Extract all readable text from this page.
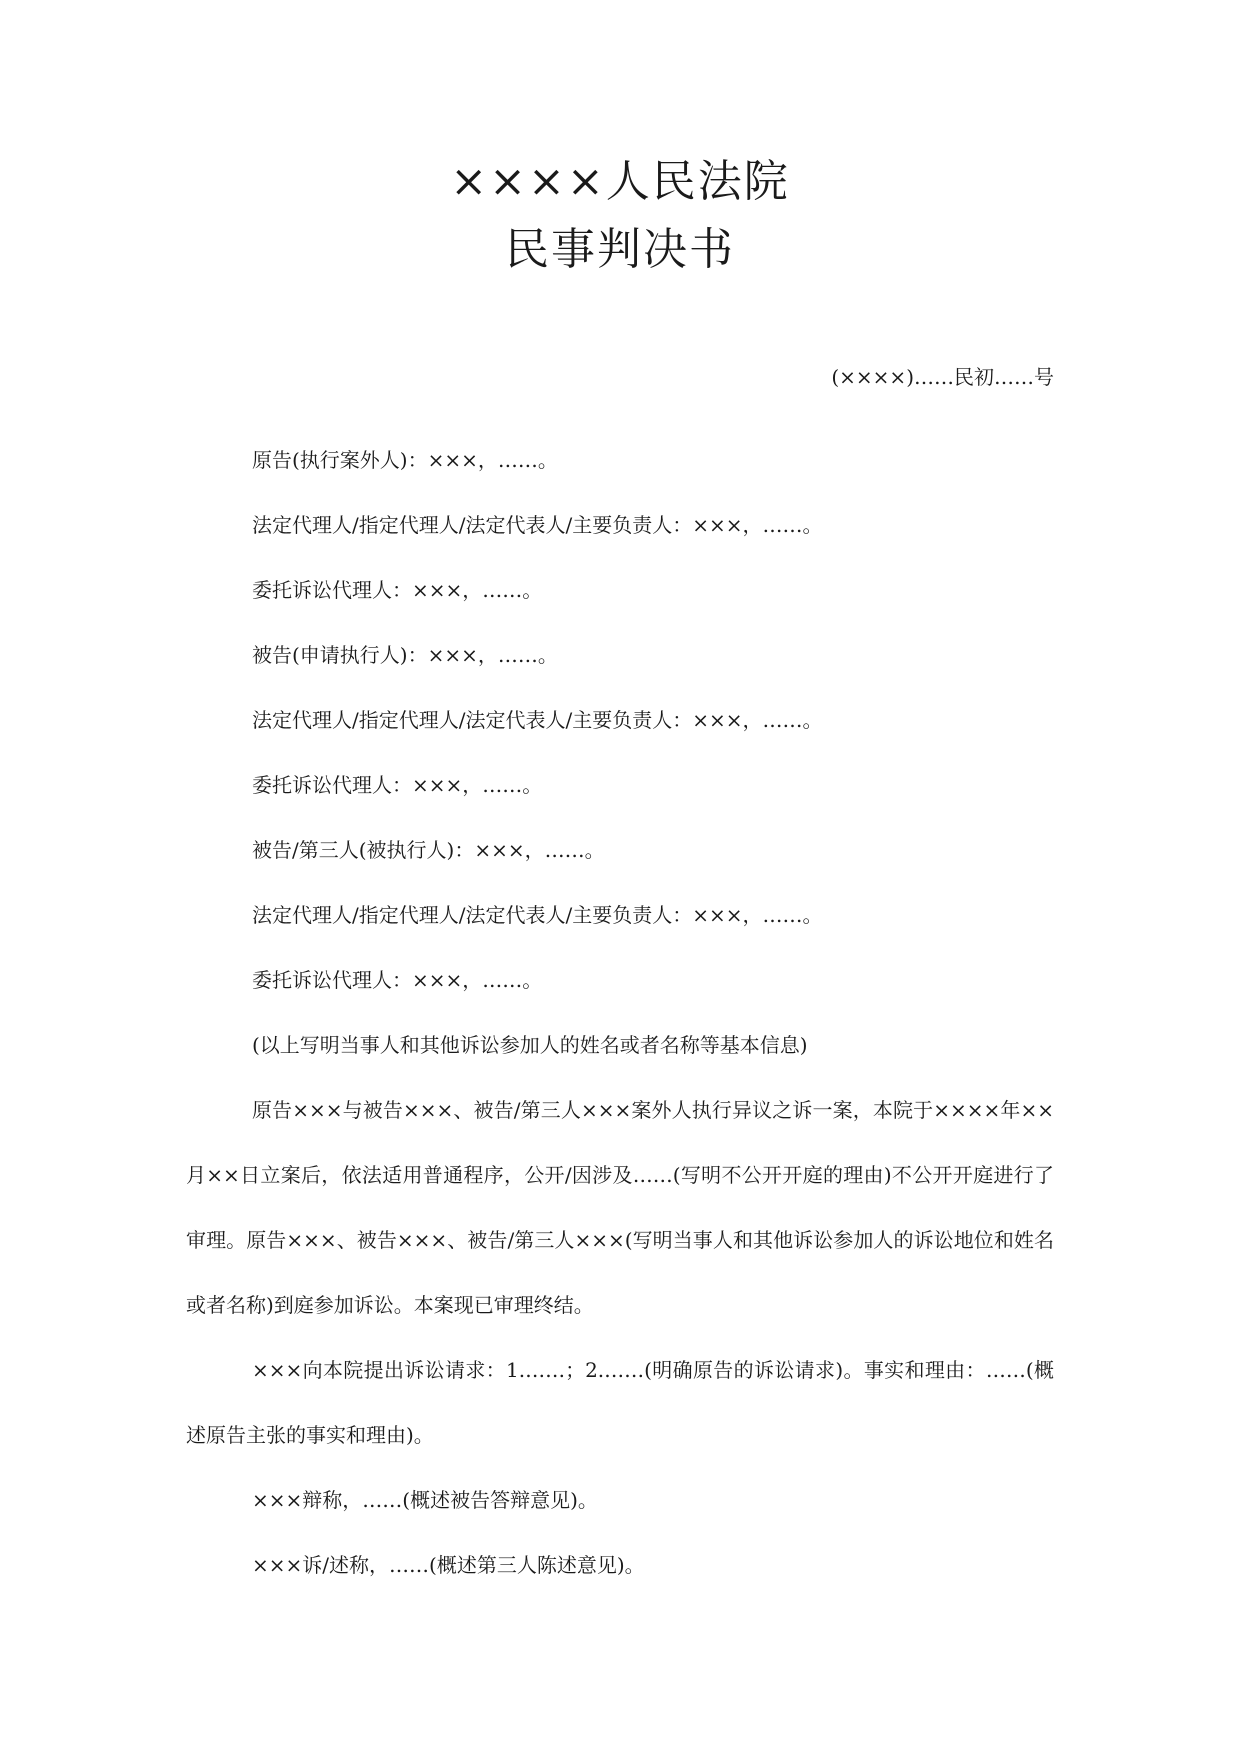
××××人民法院
民事判决书
(××××)……民初……号

原告(执行案外人)：×××，……。

法定代理人/指定代理人/法定代表人/主要负责人：×××，……。

委托诉讼代理人：×××，……。

被告(申请执行人)：×××，……。

法定代理人/指定代理人/法定代表人/主要负责人：×××，……。

委托诉讼代理人：×××，……。

被告/第三人(被执行人)：×××，……。

法定代理人/指定代理人/法定代表人/主要负责人：×××，……。

委托诉讼代理人：×××，……。

(以上写明当事人和其他诉讼参加人的姓名或者名称等基本信息)

原告×××与被告×××、被告/第三人×××案外人执行异议之诉一案，本院于××××年××月××日立案后，依法适用普通程序，公开/因涉及……(写明不公开开庭的理由)不公开开庭进行了审理。原告×××、被告×××、被告/第三人×××(写明当事人和其他诉讼参加人的诉讼地位和姓名或者名称)到庭参加诉讼。本案现已审理终结。

×××向本院提出诉讼请求：1.……；2.……(明确原告的诉讼请求)。事实和理由：……(概述原告主张的事实和理由)。

×××辩称，……(概述被告答辩意见)。

×××诉/述称，……(概述第三人陈述意见)。
